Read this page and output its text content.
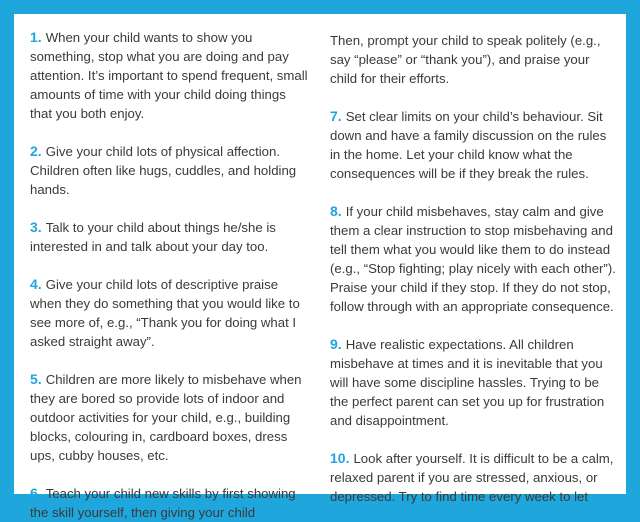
1. When your child wants to show you something, stop what you are doing and pay attention. It’s important to spend frequent, small amounts of time with your child doing things that you both enjoy.

2. Give your child lots of physical affection. Children often like hugs, cuddles, and holding hands.

3. Talk to your child about things he/she is interested in and talk about your day too.

4. Give your child lots of descriptive praise when they do something that you would like to see more of, e.g., “Thank you for doing what I asked straight away”.

5. Children are more likely to misbehave when they are bored so provide lots of indoor and outdoor activities for your child, e.g., building blocks, colouring in, cardboard boxes, dress ups, cubby houses, etc.

6. Teach your child new skills by first showing the skill yourself, then giving your child

Then, prompt your child to speak politely (e.g., say “please” or “thank you”), and praise your child for their efforts.

7. Set clear limits on your child’s behaviour. Sit down and have a family discussion on the rules in the home. Let your child know what the consequences will be if they break the rules.

8. If your child misbehaves, stay calm and give them a clear instruction to stop misbehaving and tell them what you would like them to do instead (e.g., “Stop fighting; play nicely with each other”). Praise your child if they stop. If they do not stop, follow through with an appropriate consequence.

9. Have realistic expectations. All children misbehave at times and it is inevitable that you will have some discipline hassles. Trying to be the perfect parent can set you up for frustration and disappointment.

10. Look after yourself. It is difficult to be a calm, relaxed parent if you are stressed, anxious, or depressed. Try to find time every week to let
